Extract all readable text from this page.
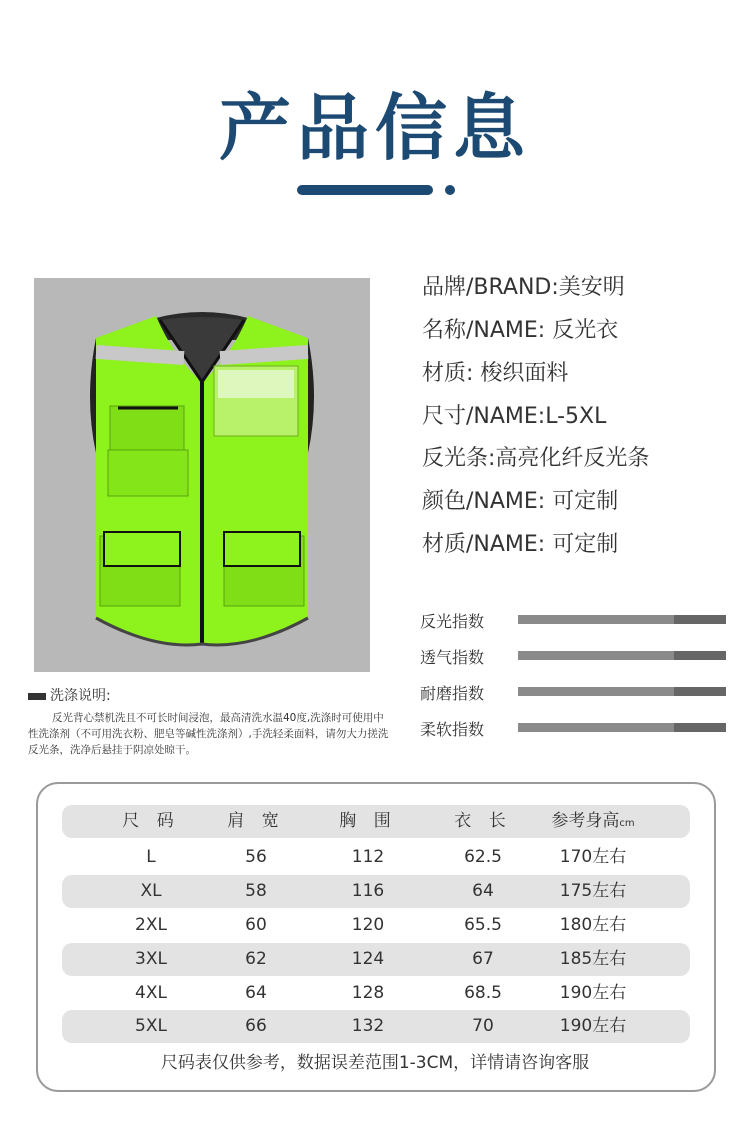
产品信息
品牌/BRAND:美安明
名称/NAME: 反光衣
材质: 梭织面料
尺寸/NAME:L-5XL
反光条:高亮化纤反光条
颜色/NAME: 可定制
材质/NAME: 可定制
反光指数
透气指数
耐磨指数
柔软指数
洗涤说明:
反光背心禁机洗且不可长时间浸泡，最高清洗水温40度,洗涤时可使用中性洗涤剂（不可用洗衣粉、肥皂等碱性洗涤剂）,手洗轻柔面料，请勿大力搓洗反光条，洗净后悬挂于阴凉处晾干。
尺 码	肩 宽	胸 围	衣 长	参考身高cm
L	56	112	62.5	170左右
XL	58	116	64	175左右
2XL	60	120	65.5	180左右
3XL	62	124	67	185左右
4XL	64	128	68.5	190左右
5XL	66	132	70	190左右
尺码表仅供参考，数据误差范围1-3CM，详情请咨询客服
